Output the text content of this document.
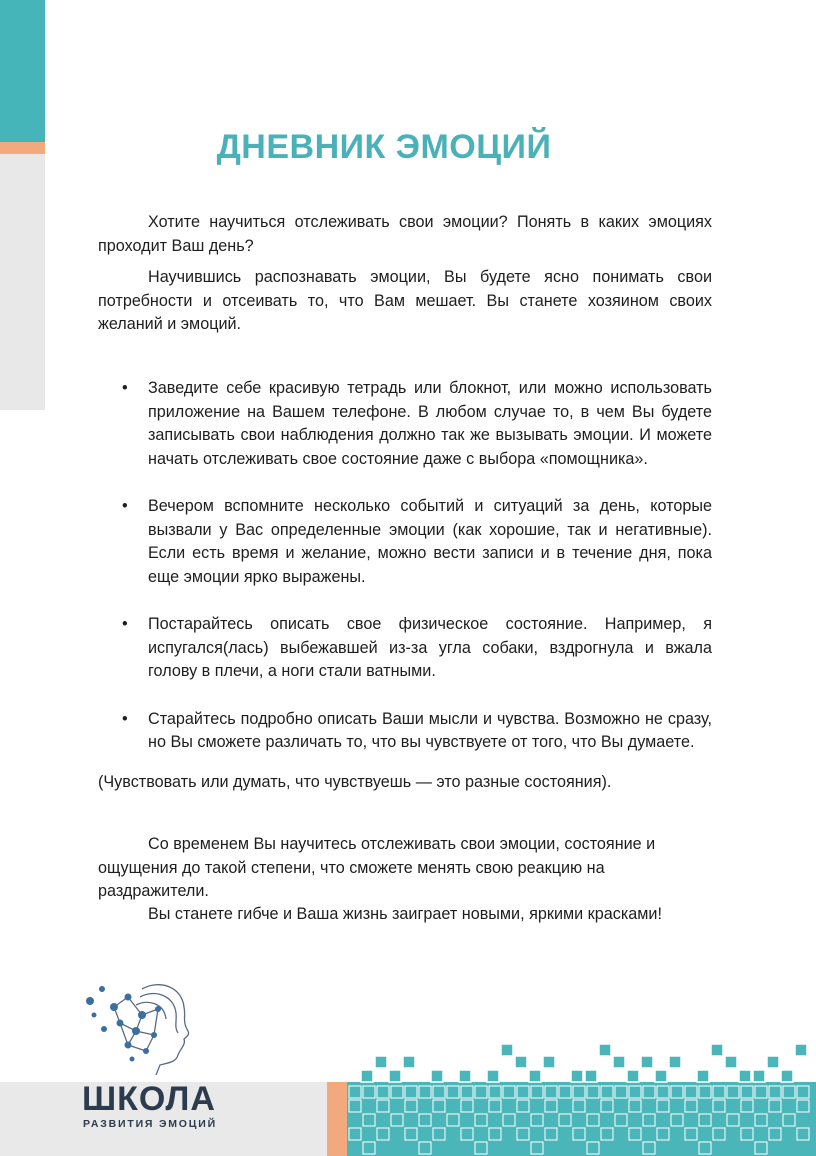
ДНЕВНИК ЭМОЦИЙ

Хотите научиться отслеживать свои эмоции? Понять в каких эмоциях проходит Ваш день?

Научившись распознавать эмоции, Вы будете ясно понимать свои потребности и отсеивать то, что Вам мешает. Вы станете хозяином своих желаний и эмоций.

• Заведите себе красивую тетрадь или блокнот, или можно использовать приложение на Вашем телефоне. В любом случае то, в чем Вы будете записывать свои наблюдения должно так же вызывать эмоции. И можете начать отслеживать свое состояние даже с выбора «помощника».
• Вечером вспомните несколько событий и ситуаций за день, которые вызвали у Вас определенные эмоции (как хорошие, так и негативные). Если есть время и желание, можно вести записи и в течение дня, пока еще эмоции ярко выражены.
• Постарайтесь описать свое физическое состояние. Например, я испугался(лась) выбежавшей из-за угла собаки, вздрогнула и вжала голову в плечи, а ноги стали ватными.
• Старайтесь подробно описать Ваши мысли и чувства. Возможно не сразу, но Вы сможете различать то, что вы чувствуете от того, что Вы думаете.

(Чувствовать или думать, что чувствуешь — это разные состояния).

Со временем Вы научитесь отслеживать свои эмоции, состояние и ощущения до такой степени, что сможете менять свою реакцию на раздражители.

Вы станете гибче и Ваша жизнь заиграет новыми, яркими красками!

ШКОЛА

РАЗВИТИЯ ЭМОЦИЙ
